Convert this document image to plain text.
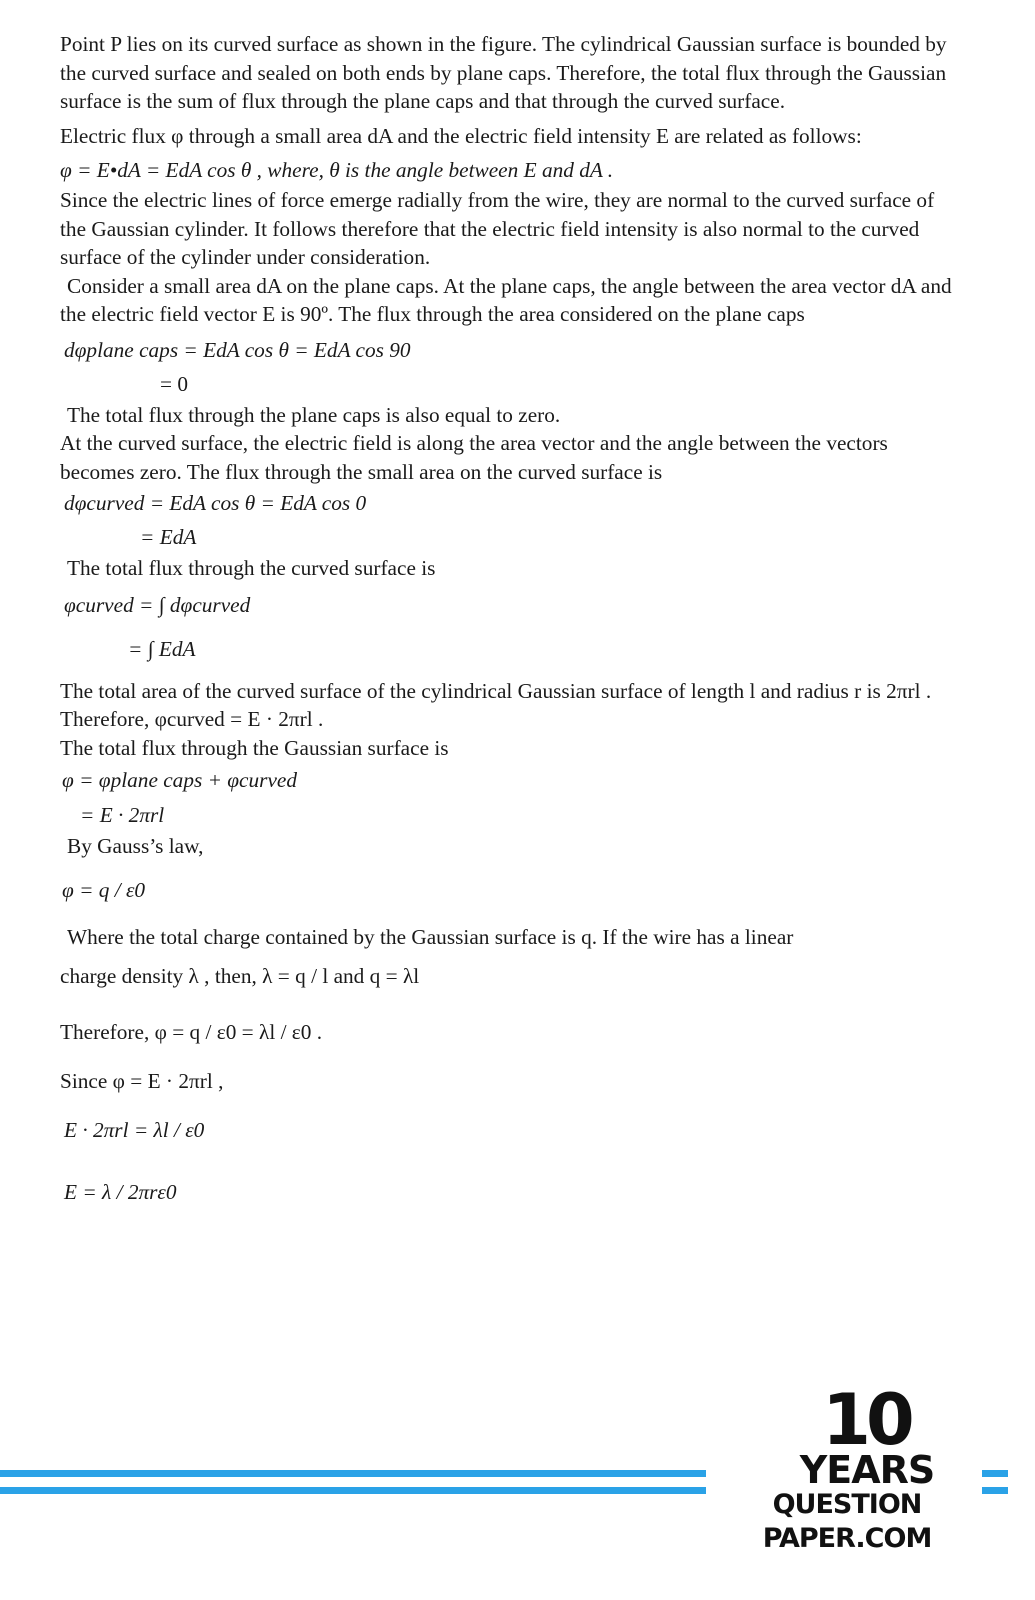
Point P lies on its curved surface as shown in the figure. The cylindrical Gaussian surface is bounded by the curved surface and sealed on both ends by plane caps. Therefore, the total flux through the Gaussian surface is the sum of flux through the plane caps and that through the curved surface.

Electric flux φ through a small area dA and the electric field intensity E are related as follows:

φ = E•dA = EdA cos θ , where, θ is the angle between E and dA .

Since the electric lines of force emerge radially from the wire, they are normal to the curved surface of the Gaussian cylinder. It follows therefore that the electric field intensity is also normal to the curved surface of the cylinder under consideration.

Consider a small area dA on the plane caps. At the plane caps, the angle between the area vector dA and the electric field vector E is 90º. The flux through the area considered on the plane caps

dφplane caps = EdA cos θ = EdA cos 90

= 0

The total flux through the plane caps is also equal to zero.

At the curved surface, the electric field is along the area vector and the angle between the vectors becomes zero. The flux through the small area on the curved surface is

dφcurved = EdA cos θ = EdA cos 0

= EdA

The total flux through the curved surface is

φcurved = ∫ dφcurved

= ∫ EdA

The total area of the curved surface of the cylindrical Gaussian surface of length l and radius r is 2πrl .

Therefore, φcurved = E · 2πrl .

The total flux through the Gaussian surface is

φ = φplane caps + φcurved

= E · 2πrl

By Gauss’s law,

φ = q / ε0

Where the total charge contained by the Gaussian surface is q. If the wire has a linear

charge density λ , then, λ = q / l and q = λl

Therefore, φ = q / ε0 = λl / ε0 .

Since φ = E · 2πrl ,

E · 2πrl = λl / ε0

E = λ / 2πrε0

10
YEARS
QUESTION PAPER.COM
